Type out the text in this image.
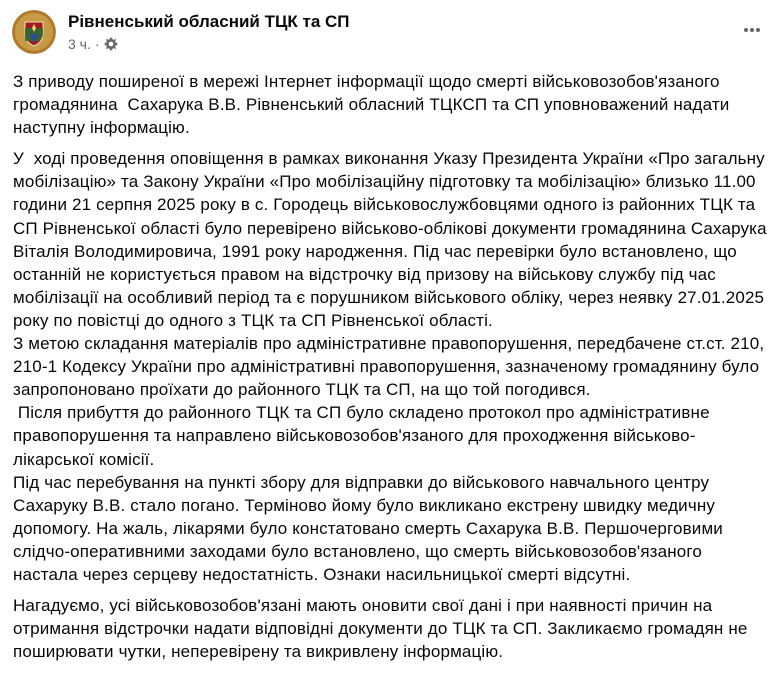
Рівненський обласний ТЦК та СП
3 ч. ·

З приводу поширеної в мережі Інтернет інформації щодо смерті військовозобов'язаного громадянина  Сахарука В.В. Рівненський обласний ТЦКСП та СП уповноважений надати наступну інформацію.

У  ході проведення оповіщення в рамках виконання Указу Президента України «Про загальну мобілізацію» та Закону України «Про мобілізаційну підготовку та мобілізацію» близько 11.00 години 21 серпня 2025 року в с. Городець військовослужбовцями одного із районних ТЦК та СП Рівненської області було перевірено військово-облікові документи громадянина Сахарука Віталія Володимировича, 1991 року народження. Під час перевірки було встановлено, що останній не користується правом на відстрочку від призову на військову службу під час мобілізації на особливий період та є порушником військового обліку, через неявку 27.01.2025 року по повістці до одного з ТЦК та СП Рівненської області.

З метою складання матеріалів про адміністративне правопорушення, передбачене ст.ст. 210, 210-1 Кодексу України про адміністративні правопорушення, зазначеному громадянину було запропоновано проїхати до районного ТЦК та СП, на що той погодився.

Після прибуття до районного ТЦК та СП було складено протокол про адміністративне правопорушення та направлено військовозобов'язаного для проходження військово-лікарської комісії.

Під час перебування на пункті збору для відправки до військового навчального центру Сахаруку В.В. стало погано. Терміново йому було викликано екстрену швидку медичну допомогу. На жаль, лікарями було констатовано смерть Сахарука В.В. Першочерговими слідчо-оперативними заходами було встановлено, що смерть військовозобов'язаного настала через серцеву недостатність. Ознаки насильницької смерті відсутні.

Нагадуємо, усі військовозобов'язані мають оновити свої дані і при наявності причин на отримання відстрочки надати відповідні документи до ТЦК та СП. Закликаємо громадян не поширювати чутки, неперевірену та викривлену інформацію.
